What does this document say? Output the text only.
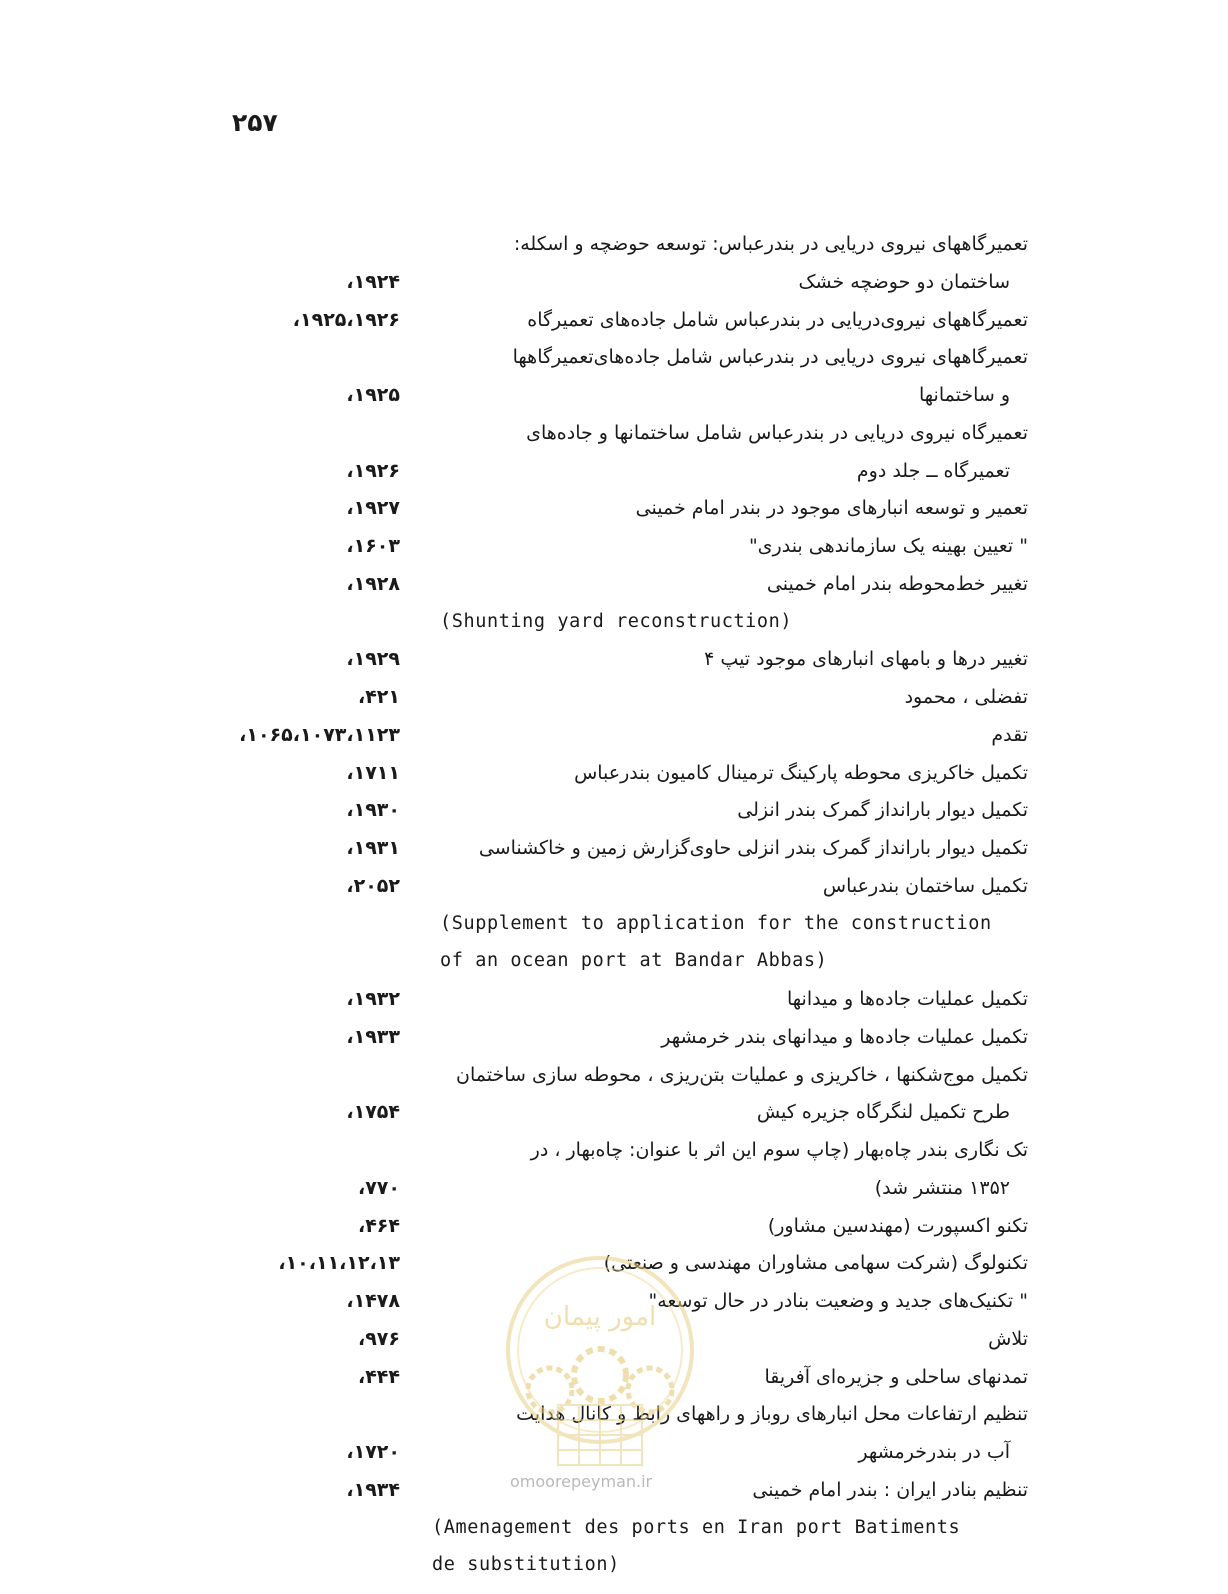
۲۵۷
تعمیرگاههای نیروی دریایی در بندرعباس: توسعه حوضچه و اسکله:
ساختمان دو حوضچه خشک
۱۹۲۴،
تعمیرگاههای نیروی‌دریایی در بندرعباس شامل جاده‌های تعمیرگاه
۱۹۲۵،۱۹۲۶،
تعمیرگاههای نیروی دریایی در بندرعباس شامل جاده‌های‌تعمیرگاهها
و ساختمانها
۱۹۲۵،
تعمیرگاه نیروی دریایی در بندرعباس شامل ساختمانها و جاده‌های
تعمیرگاه ــ جلد دوم
۱۹۲۶،
تعمیر و توسعه انبارهای موجود در بندر امام خمینی
۱۹۲۷،
" تعیین بهینه یک سازماندهی بندری"
۱۶۰۳،
تغییر خط‌محوطه بندر امام خمینی
۱۹۲۸،
(Shunting yard reconstruction)
تغییر درها و بامهای انبارهای موجود تیپ ۴
۱۹۲۹،
تفضلی ، محمود
۴۲۱،
تقدم
۱۰۶۵،۱۰۷۳،۱۱۲۳،
تکمیل خاکریزی محوطه پارکینگ ترمینال کامیون بندرعباس
۱۷۱۱،
تکمیل دیوار بارانداز گمرک بندر انزلی
۱۹۳۰،
تکمیل دیوار بارانداز گمرک بندر انزلی حاوی‌گزارش زمین و خاکشناسی
۱۹۳۱،
تکمیل ساختمان بندرعباس
۲۰۵۲،
(Supplement to application for the construction
of an ocean port at Bandar Abbas)
تکمیل عملیات جاده‌ها و میدانها
۱۹۳۲،
تکمیل عملیات جاده‌ها و میدانهای بندر خرمشهر
۱۹۳۳،
تکمیل موج‌شکنها ، خاکریزی و عملیات بتن‌ریزی ، محوطه سازی ساختمان
طرح تکمیل لنگرگاه جزیره کیش
۱۷۵۴،
تک نگاری بندر چاه‌بهار (چاپ سوم این اثر با عنوان: چاه‌بهار ، در
۱۳۵۲ منتشر شد)
۷۷۰،
تکنو اکسپورت (مهندسین مشاور)
۴۶۴،
تکنولوگ (شرکت سهامی مشاوران مهندسی و صنعتی)
۱۰،۱۱،۱۲،۱۳،
" تکنیک‌های جدید و وضعیت بنادر در حال توسعه"
۱۴۷۸،
تلاش
۹۷۶،
تمدنهای ساحلی و جزیره‌ای آفریقا
۴۴۴،
تنظیم ارتفاعات محل انبارهای روباز و راههای رابط و کانال هدایت
آب در بندرخرمشهر
۱۷۲۰،
تنظیم بنادر ایران : بندر امام خمینی
۱۹۳۴،
(Amenagement des ports en Iran port Batiments
de substitution)
امور پیمان
omoorepeyman.ir
